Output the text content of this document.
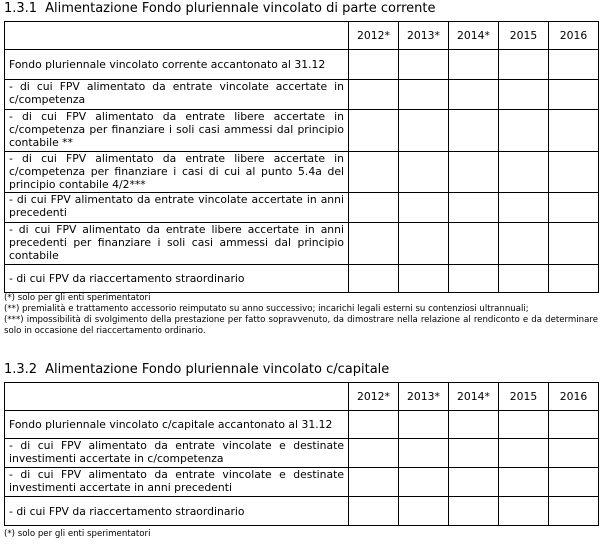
1.3.1 Alimentazione Fondo pluriennale vincolato di parte corrente
	2012*	2013*	2014*	2015	2016
Fondo pluriennale vincolato corrente accantonato al 31.12					
- di cui FPV alimentato da entrate vincolate accertate in c/competenza					
- di cui FPV alimentato da entrate libere accertate in c/competenza per finanziare i soli casi ammessi dal principio contabile **					
- di cui FPV alimentato da entrate libere accertate in c/competenza per finanziare i casi di cui al punto 5.4a del principio contabile 4/2***					
- di cui FPV alimentato da entrate vincolate accertate in anni precedenti					
- di cui FPV alimentato da entrate libere accertate in anni precedenti per finanziare i soli casi ammessi dal principio contabile					
- di cui FPV da riaccertamento straordinario					
(*) solo per gli enti sperimentatori
(**) premialità e trattamento accessorio reimputato su anno successivo; incarichi legali esterni su contenziosi ultrannuali;
(***) impossibilità di svolgimento della prestazione per fatto sopravvenuto, da dimostrare nella relazione al rendiconto e da determinare solo in occasione del riaccertamento ordinario.
1.3.2 Alimentazione Fondo pluriennale vincolato c/capitale
	2012*	2013*	2014*	2015	2016
Fondo pluriennale vincolato c/capitale accantonato al 31.12					
- di cui FPV alimentato da entrate vincolate e destinate investimenti accertate in c/competenza					
- di cui FPV alimentato da entrate vincolate e destinate investimenti accertate in anni precedenti					
- di cui FPV da riaccertamento straordinario					
(*) solo per gli enti sperimentatori
